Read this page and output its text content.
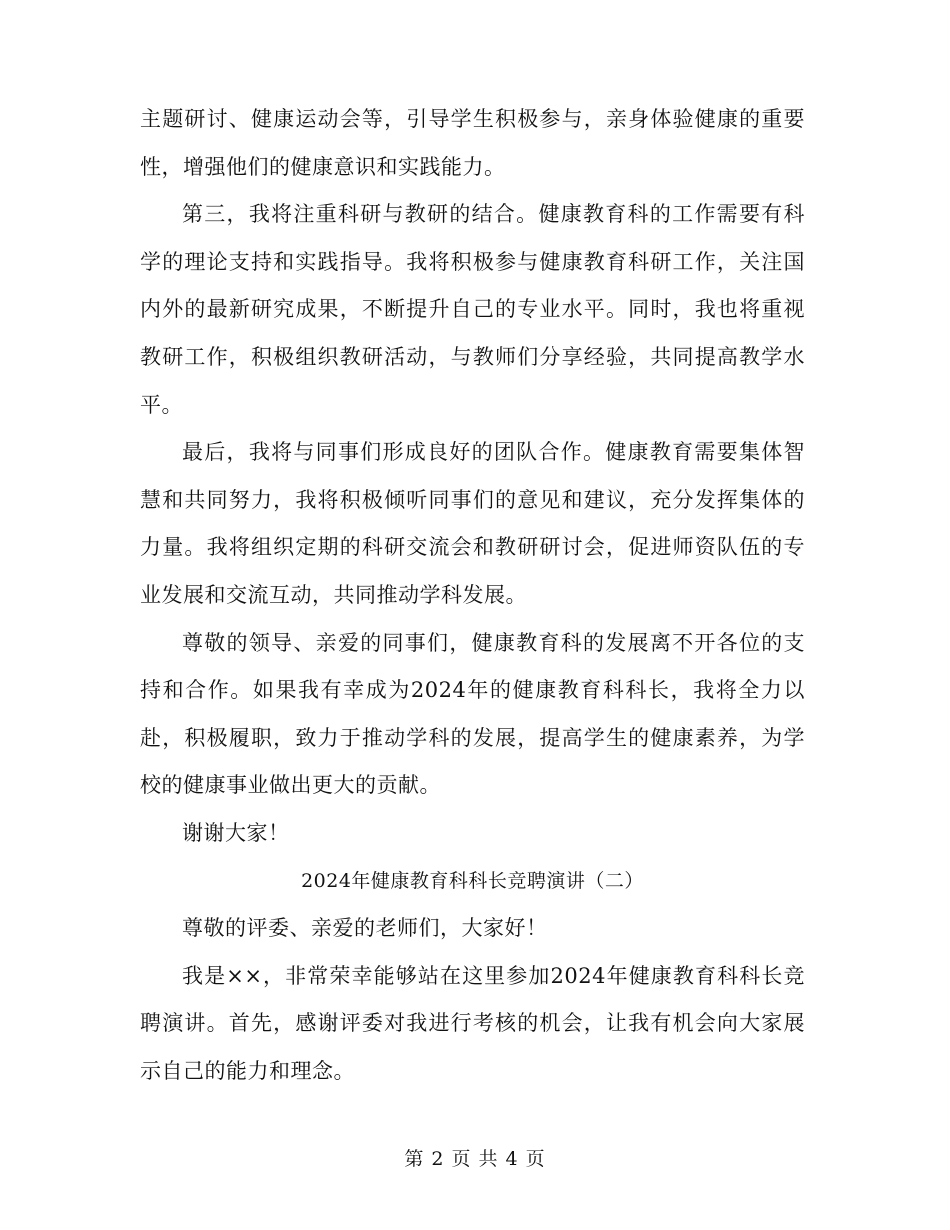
主题研讨、健康运动会等，引导学生积极参与，亲身体验健康的重要性，增强他们的健康意识和实践能力。

第三，我将注重科研与教研的结合。健康教育科的工作需要有科学的理论支持和实践指导。我将积极参与健康教育科研工作，关注国内外的最新研究成果，不断提升自己的专业水平。同时，我也将重视教研工作，积极组织教研活动，与教师们分享经验，共同提高教学水平。

最后，我将与同事们形成良好的团队合作。健康教育需要集体智慧和共同努力，我将积极倾听同事们的意见和建议，充分发挥集体的力量。我将组织定期的科研交流会和教研研讨会，促进师资队伍的专业发展和交流互动，共同推动学科发展。

尊敬的领导、亲爱的同事们，健康教育科的发展离不开各位的支持和合作。如果我有幸成为2024年的健康教育科科长，我将全力以赴，积极履职，致力于推动学科的发展，提高学生的健康素养，为学校的健康事业做出更大的贡献。

谢谢大家！

2024年健康教育科科长竞聘演讲（二）

尊敬的评委、亲爱的老师们，大家好！

我是××，非常荣幸能够站在这里参加2024年健康教育科科长竞聘演讲。首先，感谢评委对我进行考核的机会，让我有机会向大家展示自己的能力和理念。

第 2 页 共 4 页
